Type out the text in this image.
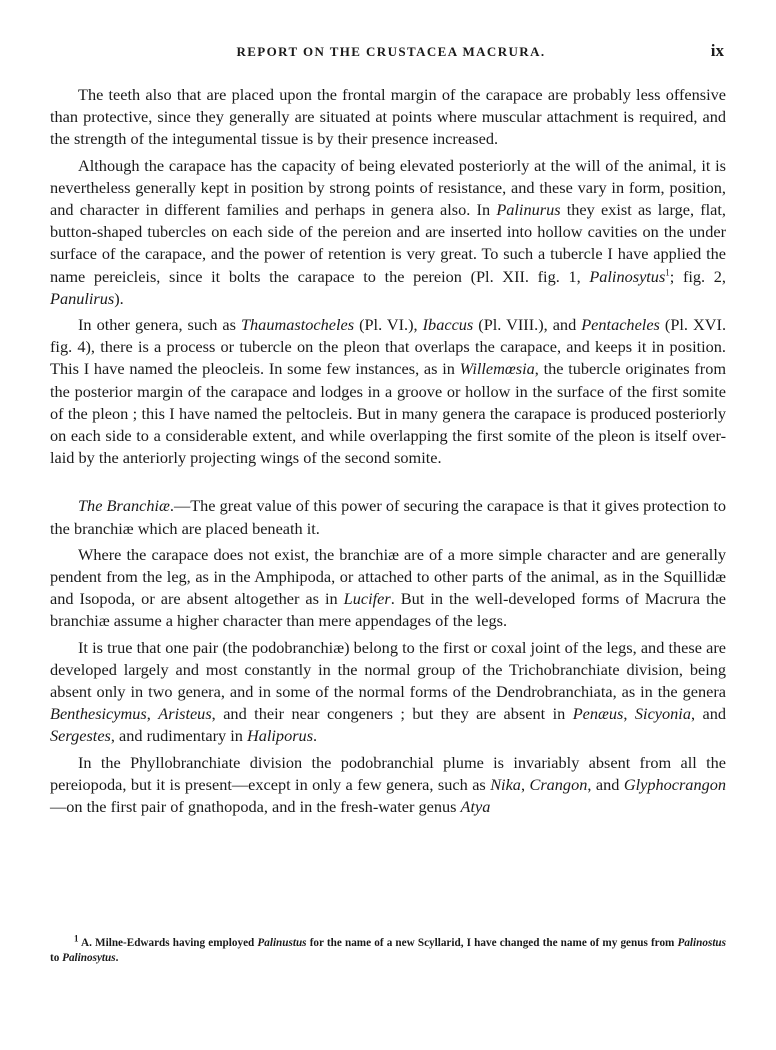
REPORT ON THE CRUSTACEA MACRURA.	ix

The teeth also that are placed upon the frontal margin of the carapace are probably less offensive than protective, since they generally are situated at points where muscular attachment is required, and the strength of the integumental tissue is by their presence increased.

Although the carapace has the capacity of being elevated posteriorly at the will of the animal, it is nevertheless generally kept in position by strong points of resistance, and these vary in form, position, and character in different families and perhaps in genera also. In Palinurus they exist as large, flat, button-shaped tubercles on each side of the pereion and are inserted into hollow cavities on the under surface of the carapace, and the power of retention is very great. To such a tubercle I have applied the name pereicleis, since it bolts the carapace to the pereion (Pl. XII. fig. 1, Palinosytus$^1$; fig. 2, Panulirus).

In other genera, such as Thaumastocheles (Pl. VI.), Ibaccus (Pl. VIII.), and Pentacheles (Pl. XVI. fig. 4), there is a process or tubercle on the pleon that overlaps the carapace, and keeps it in position. This I have named the pleocleis. In some few instances, as in Willemœsia, the tubercle originates from the posterior margin of the carapace and lodges in a groove or hollow in the surface of the first somite of the pleon ; this I have named the peltocleis. But in many genera the carapace is produced posteriorly on each side to a considerable extent, and while overlapping the first somite of the pleon is itself over-laid by the anteriorly projecting wings of the second somite.

The Branchiæ.—The great value of this power of securing the carapace is that it gives protection to the branchiæ which are placed beneath it.

Where the carapace does not exist, the branchiæ are of a more simple character and are generally pendent from the leg, as in the Amphipoda, or attached to other parts of the animal, as in the Squillidæ and Isopoda, or are absent altogether as in Lucifer. But in the well-developed forms of Macrura the branchiæ assume a higher character than mere appendages of the legs.

It is true that one pair (the podobranchiæ) belong to the first or coxal joint of the legs, and these are developed largely and most constantly in the normal group of the Trichobranchiate division, being absent only in two genera, and in some of the normal forms of the Dendrobranchiata, as in the genera Benthesicymus, Aristeus, and their near congeners ; but they are absent in Penæus, Sicyonia, and Sergestes, and rudimentary in Haliporus.

In the Phyllobranchiate division the podobranchial plume is invariably absent from all the pereiopoda, but it is present—except in only a few genera, such as Nika, Crangon, and Glyphocrangon—on the first pair of gnathopoda, and in the fresh-water genus Atya

$^1$ A. Milne-Edwards having employed Palinustus for the name of a new Scyllarid, I have changed the name of my genus from Palinostus to Palinosytus.
